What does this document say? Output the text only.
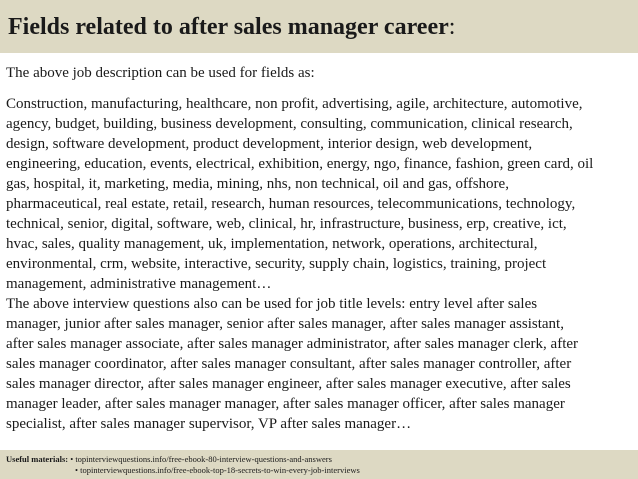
Fields related to after sales manager career:
The above job description can be used for fields as:
Construction, manufacturing, healthcare, non profit, advertising, agile, architecture, automotive,
agency, budget, building, business development, consulting, communication, clinical research,
design, software development, product development, interior design, web development,
engineering, education, events, electrical, exhibition, energy, ngo, finance, fashion, green card, oil
gas, hospital, it, marketing, media, mining, nhs, non technical, oil and gas, offshore,
pharmaceutical, real estate, retail, research, human resources, telecommunications, technology,
technical, senior, digital, software, web, clinical, hr, infrastructure, business, erp, creative, ict,
hvac, sales, quality management, uk, implementation, network, operations, architectural,
environmental, crm, website, interactive, security, supply chain, logistics, training, project
management, administrative management…
The above interview questions also can be used for job title levels: entry level after sales
manager, junior after sales manager, senior after sales manager, after sales manager assistant,
after sales manager associate, after sales manager administrator, after sales manager clerk, after
sales manager coordinator, after sales manager consultant, after sales manager controller, after
sales manager director, after sales manager engineer, after sales manager executive, after sales
manager leader, after sales manager manager, after sales manager officer, after sales manager
specialist, after sales manager supervisor, VP after sales manager…
Useful materials: • topinterviewquestions.info/free-ebook-80-interview-questions-and-answers
• topinterviewquestions.info/free-ebook-top-18-secrets-to-win-every-job-interviews
